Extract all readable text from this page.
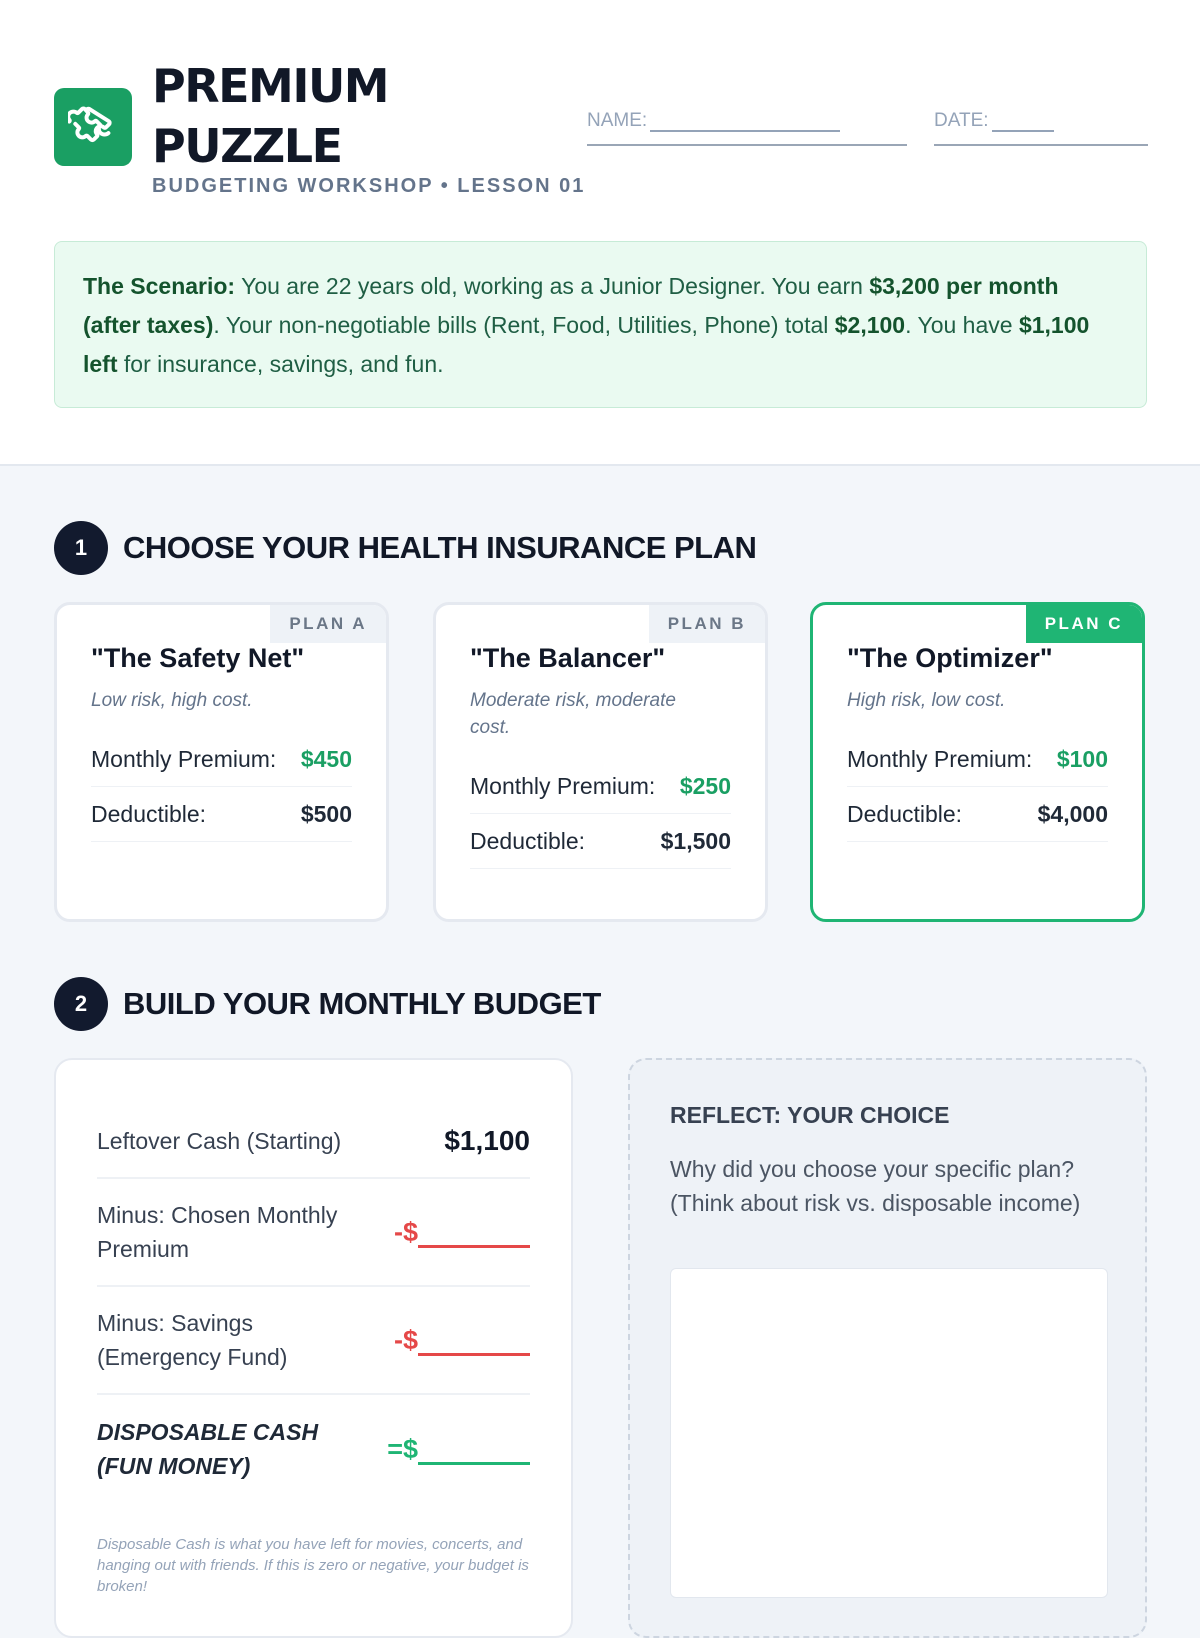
PREMIUM
PUZZLE
BUDGETING WORKSHOP • LESSON 01
NAME:	DATE:
The Scenario: You are 22 years old, working as a Junior Designer. You earn $3,200 per month (after taxes). Your non-negotiable bills (Rent, Food, Utilities, Phone) total $2,100. You have $1,100 left for insurance, savings, and fun.
1	CHOOSE YOUR HEALTH INSURANCE PLAN
PLAN A
"The Safety Net"
Low risk, high cost.
Monthly Premium: $450
Deductible:	$500
PLAN B
"The Balancer"
Moderate risk, moderate cost.
Monthly Premium: $250
Deductible:	$1,500
PLAN C
"The Optimizer"
High risk, low cost.
Monthly Premium: $100
Deductible:	$4,000
2	BUILD YOUR MONTHLY BUDGET
Leftover Cash (Starting)	$1,100
Minus: Chosen Monthly Premium
-$
Minus: Savings (Emergency Fund)
-$
DISPOSABLE CASH (FUN MONEY)
=$
Disposable Cash is what you have left for movies, concerts, and hanging out with friends. If this is zero or negative, your budget is broken!
REFLECT: YOUR CHOICE
Why did you choose your specific plan? (Think about risk vs. disposable income)
